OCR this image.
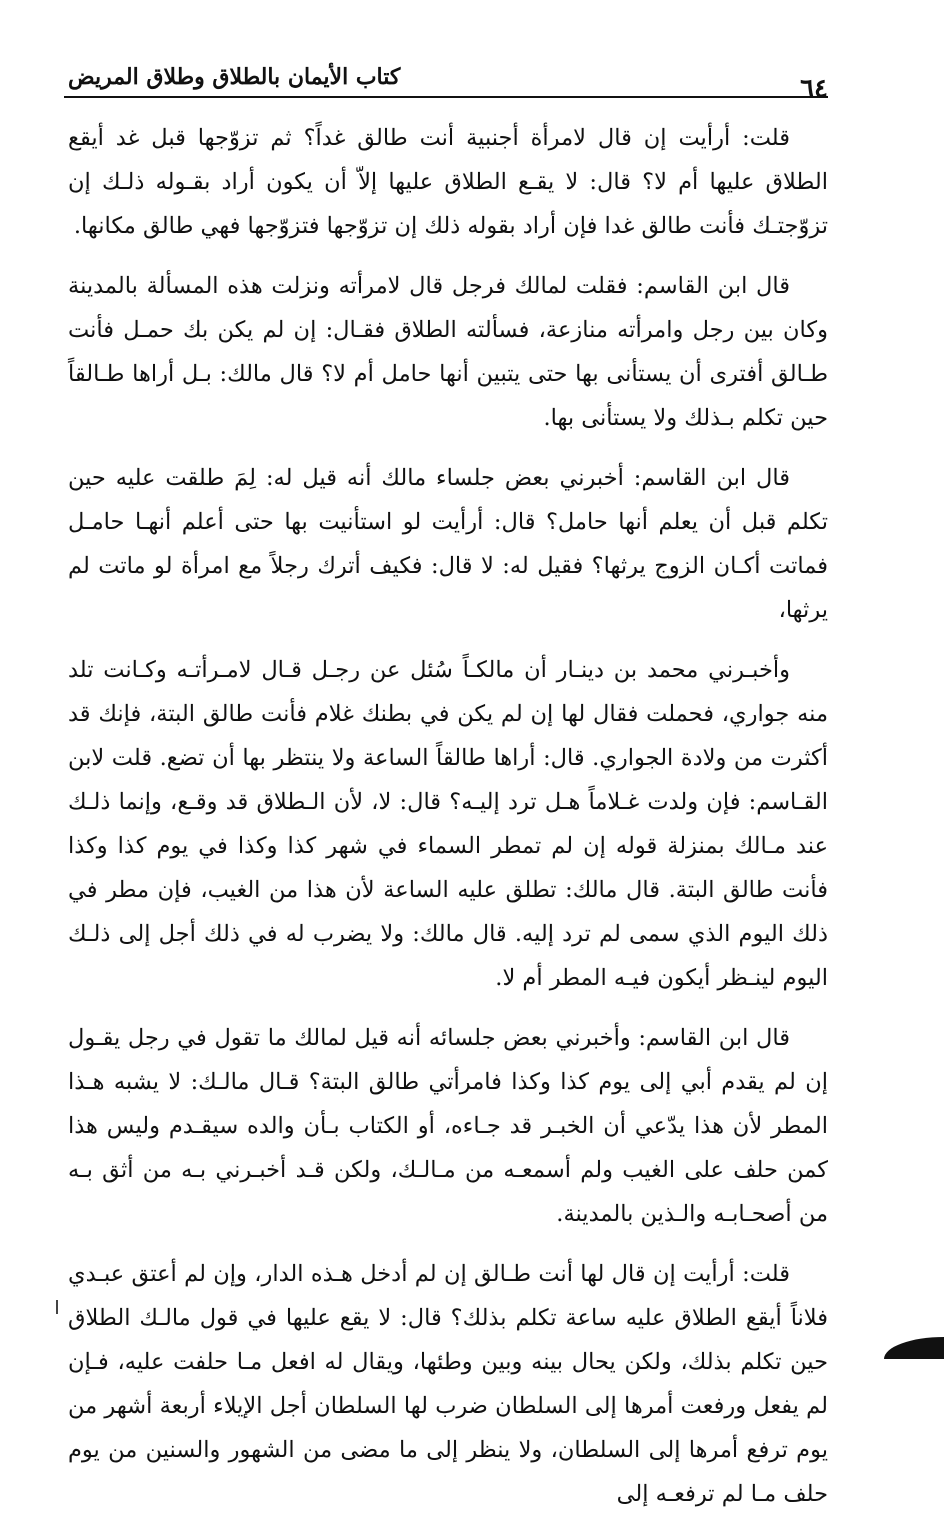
٦٤
كتاب الأيمان بالطلاق وطلاق المريض

قلت: أرأيت إن قال لامرأة أجنبية أنت طالق غداً؟ ثم تزوّجها قبل غد أيقع الطلاق عليها أم لا؟ قال: لا يقـع الطلاق عليها إلاّ أن يكون أراد بقـوله ذلـك إن تزوّجتـك فأنت طالق غدا فإن أراد بقوله ذلك إن تزوّجها فتزوّجها فهي طالق مكانها.

قال ابن القاسم: فقلت لمالك فرجل قال لامرأته ونزلت هذه المسألة بالمدينة وكان بين رجل وامرأته منازعة، فسألته الطلاق فقـال: إن لم يكن بك حمـل فأنت طـالق أفترى أن يستأنى بها حتى يتبين أنها حامل أم لا؟ قال مالك: بـل أراها طـالقاً حين تكلم بـذلك ولا يستأنى بها.

قال ابن القاسم: أخبرني بعض جلساء مالك أنه قيل له: لِمَ طلقت عليه حين تكلم قبل أن يعلم أنها حامل؟ قال: أرأيت لو استأنيت بها حتى أعلم أنهـا حامـل فماتت أكـان الزوج يرثها؟ فقيل له: لا قال: فكيف أترك رجلاً مع امرأة لو ماتت لم يرثها،

وأخبـرني محمد بن دينـار أن مالكـاً سُئل عن رجـل قـال لامـرأتـه وكـانت تلد منه جواري، فحملت فقال لها إن لم يكن في بطنك غلام فأنت طالق البتة، فإنك قد أكثرت من ولادة الجواري. قال: أراها طالقاً الساعة ولا ينتظر بها أن تضع. قلت لابن القـاسم: فإن ولدت غـلاماً هـل ترد إليـه؟ قال: لا، لأن الـطلاق قد وقـع، وإنما ذلـك عند مـالك بمنزلة قوله إن لم تمطر السماء في شهر كذا وكذا في يوم كذا وكذا فأنت طالق البتة. قال مالك: تطلق عليه الساعة لأن هذا من الغيب، فإن مطر في ذلك اليوم الذي سمى لم ترد إليه. قال مالك: ولا يضرب له في ذلك أجل إلى ذلـك اليوم لينـظر أيكون فيـه المطر أم لا.

قال ابن القاسم: وأخبرني بعض جلسائه أنه قيل لمالك ما تقول في رجل يقـول إن لم يقدم أبي إلى يوم كذا وكذا فامرأتي طالق البتة؟ قـال مالـك: لا يشبه هـذا المطر لأن هذا يدّعي أن الخبـر قد جـاءه، أو الكتاب بـأن والده سيقـدم وليس هذا كمن حلف على الغيب ولم أسمعـه من مـالـك، ولكن قـد أخبـرني بـه من أثق بـه من أصحـابـه والـذين بالمدينة.

قلت: أرأيت إن قال لها أنت طـالق إن لم أدخل هـذه الدار، وإن لم أعتق عبـدي فلاناً أيقع الطلاق عليه ساعة تكلم بذلك؟ قال: لا يقع عليها في قول مالـك الطلاق حين تكلم بذلك، ولكن يحال بينه وبين وطئها، ويقال له افعل مـا حلفت عليه، فـإن لم يفعل ورفعت أمرها إلى السلطان ضرب لها السلطان أجل الإيلاء أربعة أشهر من يوم ترفع أمرها إلى السلطان، ولا ينظر إلى ما مضى من الشهور والسنين من يوم حلف مـا لم ترفعـه إلى
